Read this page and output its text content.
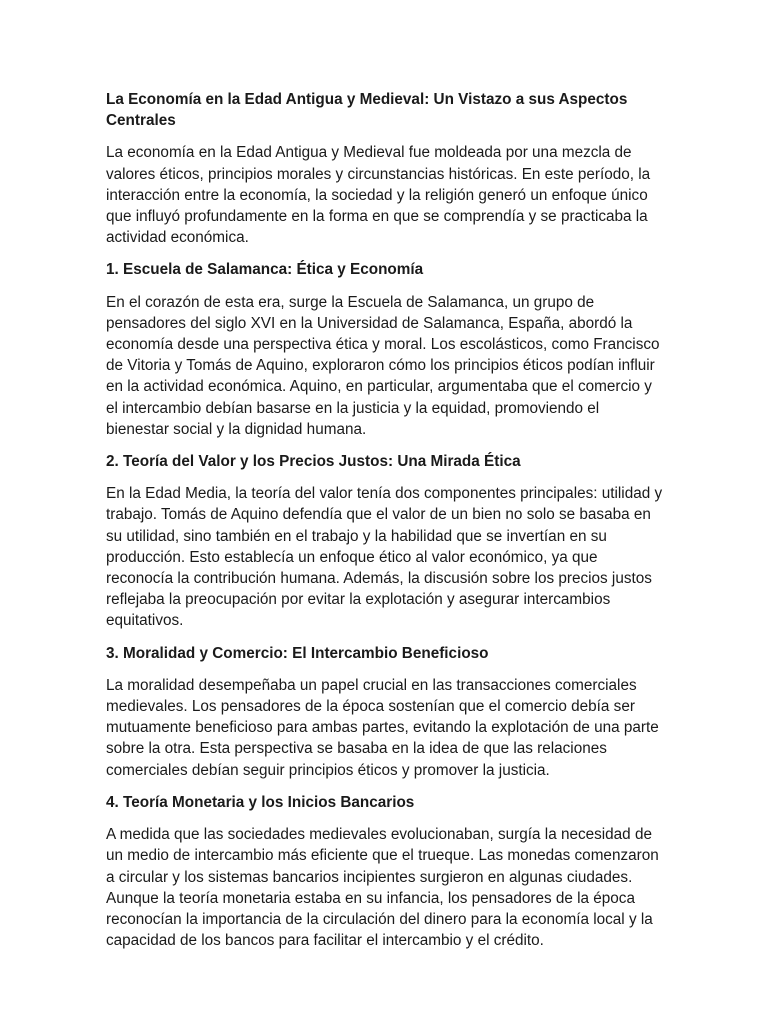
La Economía en la Edad Antigua y Medieval: Un Vistazo a sus Aspectos Centrales

La economía en la Edad Antigua y Medieval fue moldeada por una mezcla de valores éticos, principios morales y circunstancias históricas. En este período, la interacción entre la economía, la sociedad y la religión generó un enfoque único que influyó profundamente en la forma en que se comprendía y se practicaba la actividad económica.

1. Escuela de Salamanca: Ética y Economía

En el corazón de esta era, surge la Escuela de Salamanca, un grupo de pensadores del siglo XVI en la Universidad de Salamanca, España, abordó la economía desde una perspectiva ética y moral. Los escolásticos, como Francisco de Vitoria y Tomás de Aquino, exploraron cómo los principios éticos podían influir en la actividad económica. Aquino, en particular, argumentaba que el comercio y el intercambio debían basarse en la justicia y la equidad, promoviendo el bienestar social y la dignidad humana.

2. Teoría del Valor y los Precios Justos: Una Mirada Ética

En la Edad Media, la teoría del valor tenía dos componentes principales: utilidad y trabajo. Tomás de Aquino defendía que el valor de un bien no solo se basaba en su utilidad, sino también en el trabajo y la habilidad que se invertían en su producción. Esto establecía un enfoque ético al valor económico, ya que reconocía la contribución humana. Además, la discusión sobre los precios justos reflejaba la preocupación por evitar la explotación y asegurar intercambios equitativos.

3. Moralidad y Comercio: El Intercambio Beneficioso

La moralidad desempeñaba un papel crucial en las transacciones comerciales medievales. Los pensadores de la época sostenían que el comercio debía ser mutuamente beneficioso para ambas partes, evitando la explotación de una parte sobre la otra. Esta perspectiva se basaba en la idea de que las relaciones comerciales debían seguir principios éticos y promover la justicia.

4. Teoría Monetaria y los Inicios Bancarios

A medida que las sociedades medievales evolucionaban, surgía la necesidad de un medio de intercambio más eficiente que el trueque. Las monedas comenzaron a circular y los sistemas bancarios incipientes surgieron en algunas ciudades. Aunque la teoría monetaria estaba en su infancia, los pensadores de la época reconocían la importancia de la circulación del dinero para la economía local y la capacidad de los bancos para facilitar el intercambio y el crédito.
